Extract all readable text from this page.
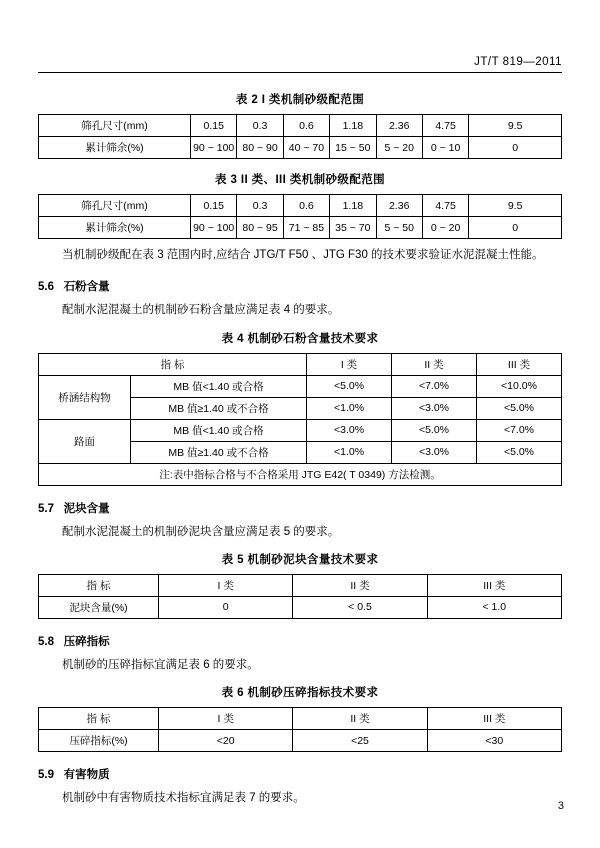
JT/T 819—2011
表 2 I 类机制砂级配范围
筛孔尺寸(mm)	0.15	0.3	0.6	1.18	2.36	4.75	9.5
累计筛余(%)	90 ~ 100	80 ~ 90	40 ~ 70	15 ~ 50	5 ~ 20	0 ~ 10	0
表 3 II 类、III 类机制砂级配范围
筛孔尺寸(mm)	0.15	0.3	0.6	1.18	2.36	4.75	9.5
累计筛余(%)	90 ~ 100	80 ~ 95	71 ~ 85	35 ~ 70	5 ~ 50	0 ~ 20	0
当机制砂级配在表 3 范围内时,应结合 JTG/T F50 、JTG F30 的技术要求验证水泥混凝土性能。
5.6 石粉含量
配制水泥混凝土的机制砂石粉含量应满足表 4 的要求。
表 4 机制砂石粉含量技术要求
指 标		I 类	II 类	III 类
桥涵结构物	MB 值<1.40 或合格	<5.0%	<7.0%	<10.0%
	MB 值≥1.40 或不合格	<1.0%	<3.0%	<5.0%
路面	MB 值<1.40 或合格	<3.0%	<5.0%	<7.0%
	MB 值≥1.40 或不合格	<1.0%	<3.0%	<5.0%
注:表中指标合格与不合格采用 JTG E42( T 0349) 方法检测。				
5.7 泥块含量
配制水泥混凝土的机制砂泥块含量应满足表 5 的要求。
表 5 机制砂泥块含量技术要求
指 标	I 类	II 类	III 类
泥块含量(%)	0	< 0.5	< 1.0
5.8 压碎指标
机制砂的压碎指标宜满足表 6 的要求。
表 6 机制砂压碎指标技术要求
指 标	I 类	II 类	III 类
压碎指标(%)	<20	<25	<30
5.9 有害物质
机制砂中有害物质技术指标宜满足表 7 的要求。
3
